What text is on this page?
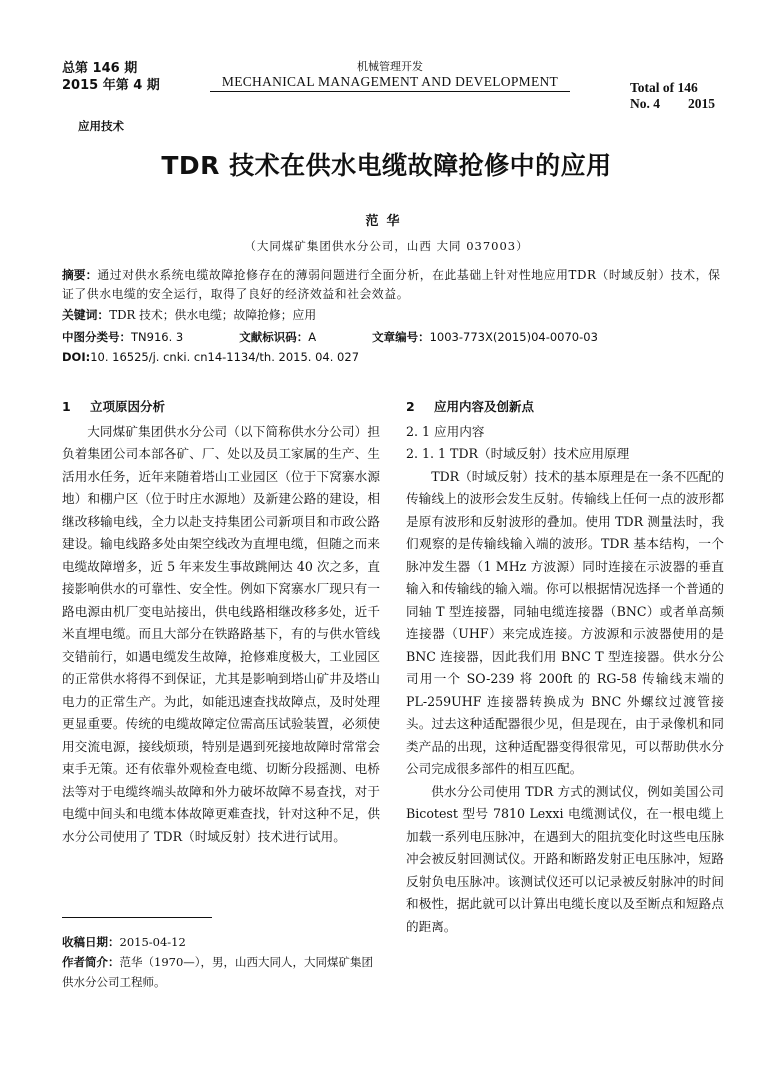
总第 146 期
2015 年第 4 期
机械管理开发
MECHANICAL MANAGEMENT AND DEVELOPMENT	Total of 146
No. 4 2015
应用技术
TDR 技术在供水电缆故障抢修中的应用
范华
（大同煤矿集团供水分公司，山西 大同 037003）
摘要：通过对供水系统电缆故障抢修存在的薄弱问题进行全面分析，在此基础上针对性地应用TDR（时域反射）技术，保证了供水电缆的安全运行，取得了良好的经济效益和社会效益。
关键词：TDR 技术；供水电缆；故障抢修；应用
中图分类号：TN916. 3	文献标识码：A	文章编号：1003-773X(2015)04-0070-03
DOI:10. 16525/j. cnki. cn14-1134/th. 2015. 04. 027
1 立项原因分析

大同煤矿集团供水分公司（以下简称供水分公司）担负着集团公司本部各矿、厂、处以及员工家属的生产、生活用水任务，近年来随着塔山工业园区（位于下窝寨水源地）和棚户区（位于时庄水源地）及新建公路的建设，相继改移输电线，全力以赴支持集团公司新项目和市政公路建设。输电线路多处由架空线改为直埋电缆，但随之而来电缆故障增多，近 5 年来发生事故跳闸达 40 次之多，直接影响供水的可靠性、安全性。例如下窝寨水厂现只有一路电源由机厂变电站接出，供电线路相继改移多处，近千米直埋电缆。而且大部分在铁路路基下，有的与供水管线交错前行，如遇电缆发生故障，抢修难度极大，工业园区的正常供水将得不到保证，尤其是影响到塔山矿井及塔山电力的正常生产。为此，如能迅速查找故障点，及时处理更显重要。传统的电缆故障定位需高压试验装置，必须使用交流电源，接线烦琐，特别是遇到死接地故障时常常会束手无策。还有依靠外观检查电缆、切断分段摇测、电桥法等对于电缆终端头故障和外力破坏故障不易查找，对于电缆中间头和电缆本体故障更难查找，针对这种不足，供水分公司使用了 TDR（时域反射）技术进行试用。

收稿日期：2015-04-12
作者简介：范华（1970—），男，山西大同人，大同煤矿集团供水分公司工程师。
2 应用内容及创新点
2. 1 应用内容
2. 1. 1 TDR（时域反射）技术应用原理

TDR（时域反射）技术的基本原理是在一条不匹配的传输线上的波形会发生反射。传输线上任何一点的波形都是原有波形和反射波形的叠加。使用 TDR 测量法时，我们观察的是传输线输入端的波形。TDR 基本结构，一个脉冲发生器（1 MHz 方波源）同时连接在示波器的垂直输入和传输线的输入端。你可以根据情况选择一个普通的同轴 T 型连接器，同轴电缆连接器（BNC）或者单高频连接器（UHF）来完成连接。方波源和示波器使用的是 BNC 连接器，因此我们用 BNC T 型连接器。供水分公司用一个 SO-239 将 200ft 的 RG-58 传输线末端的 PL-259UHF 连接器转换成为 BNC 外螺纹过渡管接头。过去这种适配器很少见，但是现在，由于录像机和同类产品的出现，这种适配器变得很常见，可以帮助供水分公司完成很多部件的相互匹配。

供水分公司使用 TDR 方式的测试仪，例如美国公司 Bicotest 型号 7810 Lexxi 电缆测试仪，在一根电缆上加载一系列电压脉冲，在遇到大的阻抗变化时这些电压脉冲会被反射回测试仪。开路和断路发射正电压脉冲，短路反射负电压脉冲。该测试仪还可以记录被反射脉冲的时间和极性，据此就可以计算出电缆长度以及至断点和短路点的距离。
